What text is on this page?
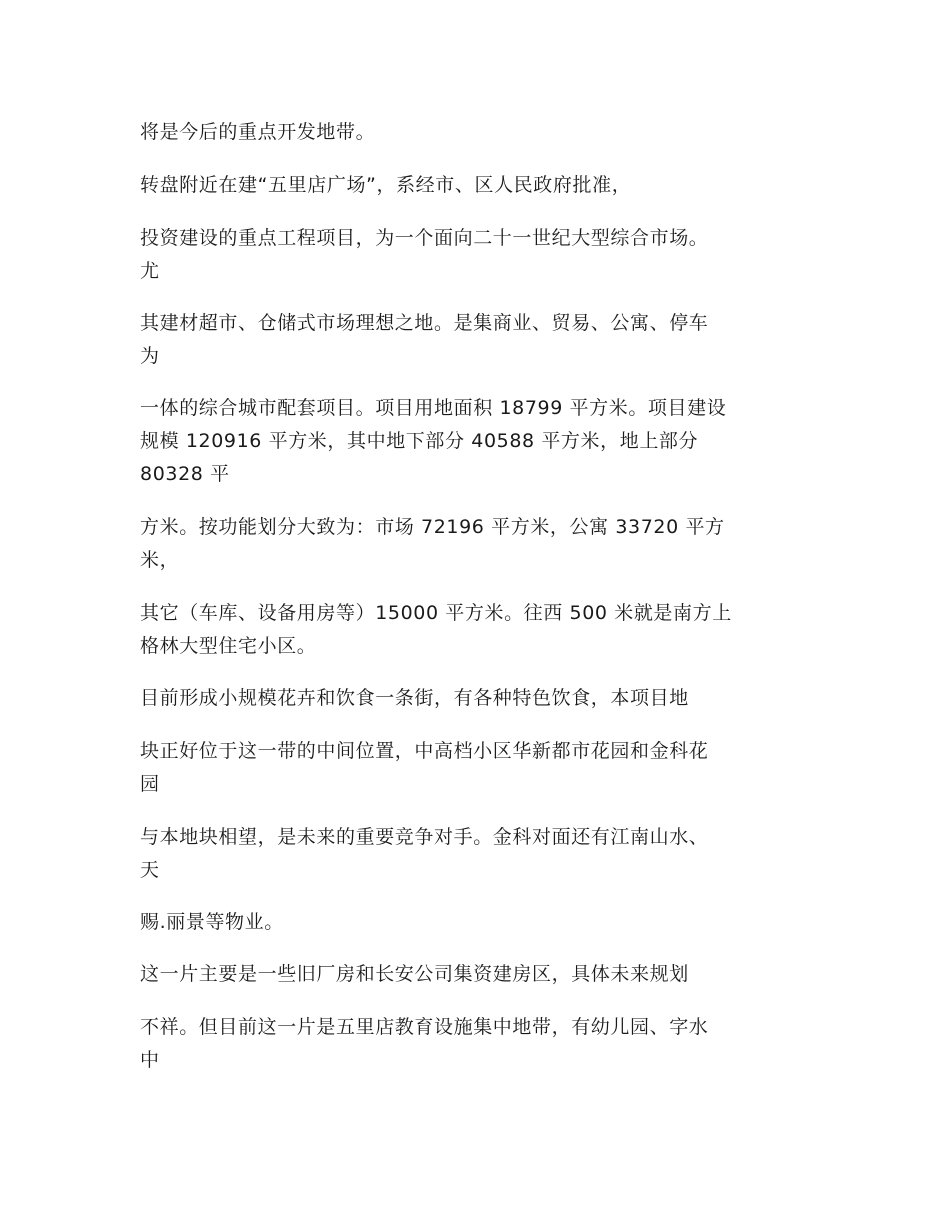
将是今后的重点开发地带。

转盘附近在建“五里店广场”，系经市、区人民政府批准，

投资建设的重点工程项目，为一个面向二十一世纪大型综合市场。

尤

其建材超市、仓储式市场理想之地。是集商业、贸易、公寓、停车

为

一体的综合城市配套项目。项目用地面积 18799 平方米。项目建设

规模 120916 平方米，其中地下部分 40588 平方米，地上部分

80328 平

方米。按功能划分大致为：市场 72196 平方米，公寓 33720 平方

米，

其它（车库、设备用房等）15000 平方米。往西 500 米就是南方上

格林大型住宅小区。

目前形成小规模花卉和饮食一条街，有各种特色饮食，本项目地

块正好位于这一带的中间位置，中高档小区华新都市花园和金科花

园

与本地块相望，是未来的重要竞争对手。金科对面还有江南山水、

天

赐.丽景等物业。

这一片主要是一些旧厂房和长安公司集资建房区，具体未来规划

不祥。但目前这一片是五里店教育设施集中地带，有幼儿园、字水

中
